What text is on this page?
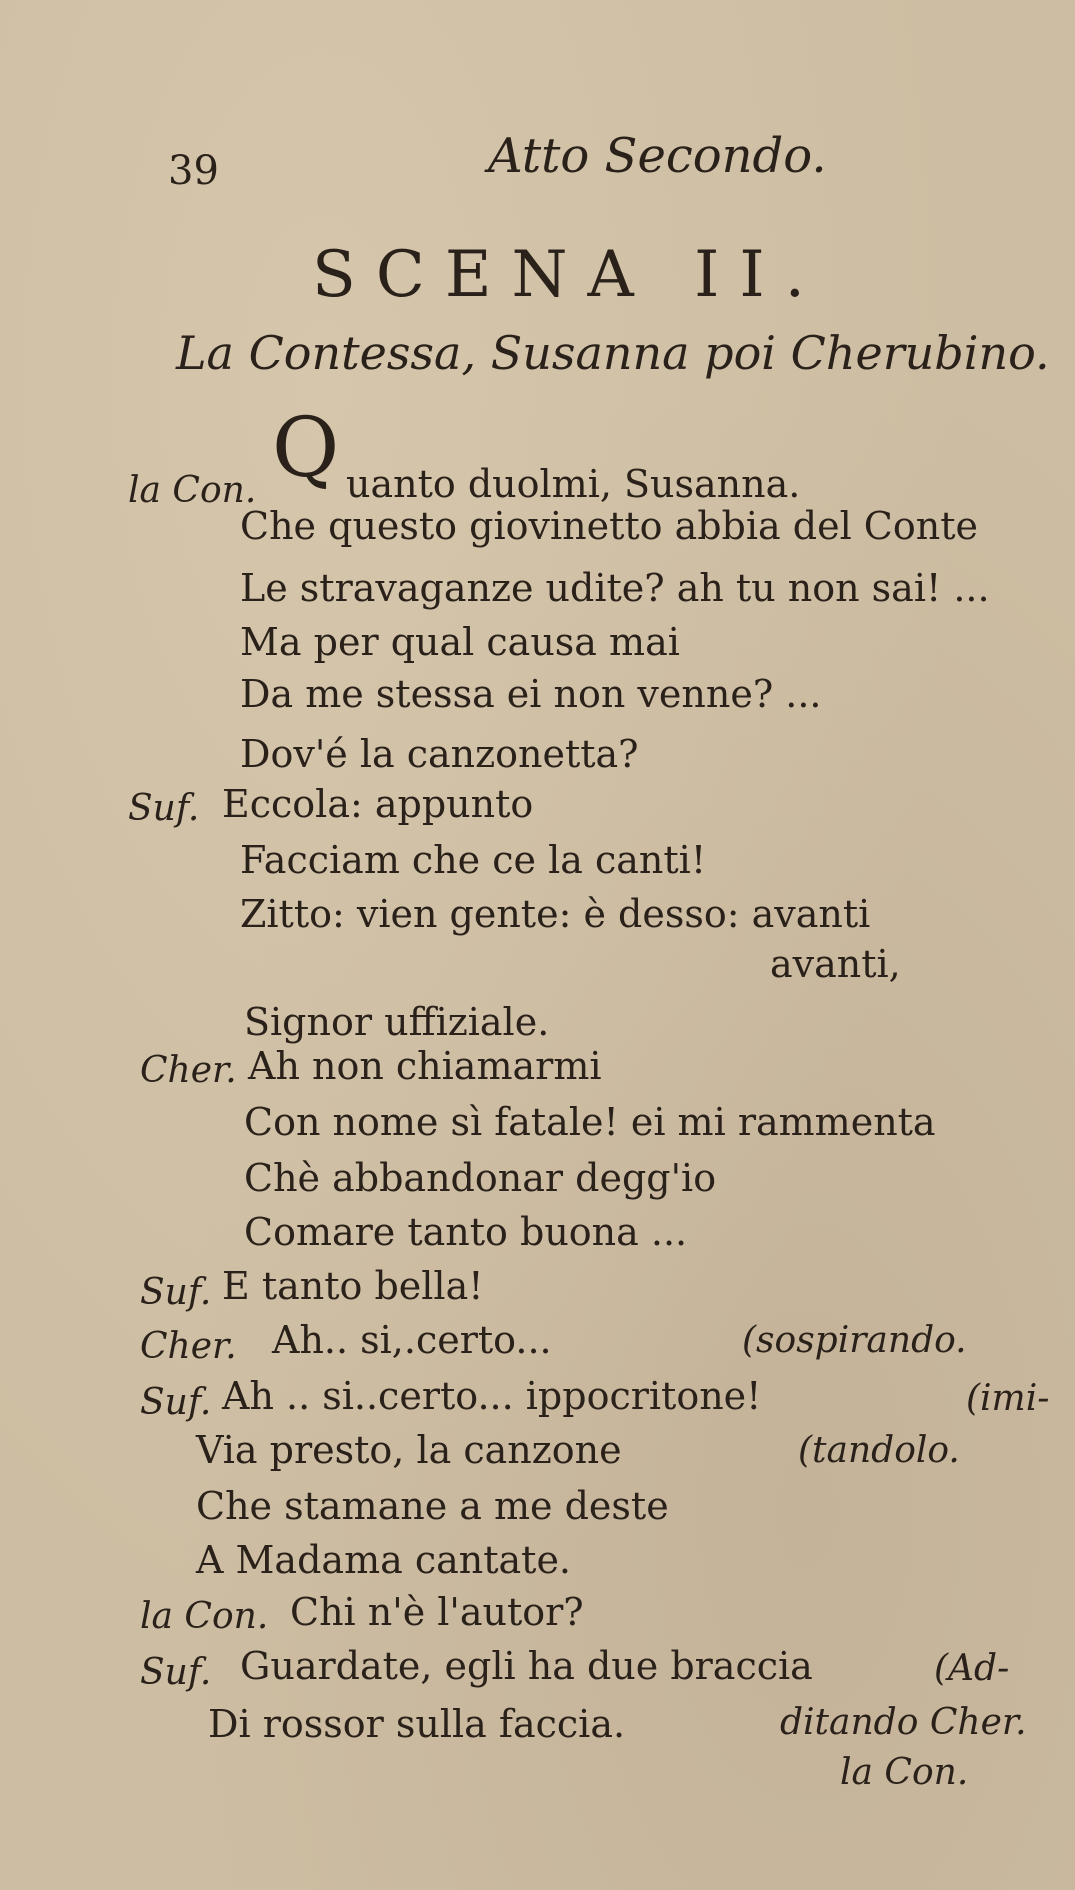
39	Atto Secondo.
SCENA II.
La Contessa, Susanna poi Cherubino.
la Con. Q uanto duolmi, Susanna.
Che questo giovinetto abbia del Conte
Le stravaganze udite? ah tu non sai! ...
Ma per qual causa mai
Da me stessa ei non venne? ...
Dov'é la canzonetta?
Suf. Eccola: appunto
Facciam che ce la canti!
Zitto: vien gente: è desso: avanti
avanti,
Signor uffiziale.
Cher. Ah non chiamarmi
Con nome sì fatale! ei mi rammenta
Chè abbandonar degg'io
Comare tanto buona ...
Suf. E tanto bella!
Cher. Ah.. si,.certo...	(sospirando.
Suf. Ah .. si..certo... ippocritone!	(imi-
Via presto, la canzone	(tandolo.
Che stamane a me deste
A Madama cantate.
la Con. Chi n'è l'autor?
Suf. Guardate, egli ha due braccia	(Ad-
Di rossor sulla faccia.	ditando Cher.
la Con.
